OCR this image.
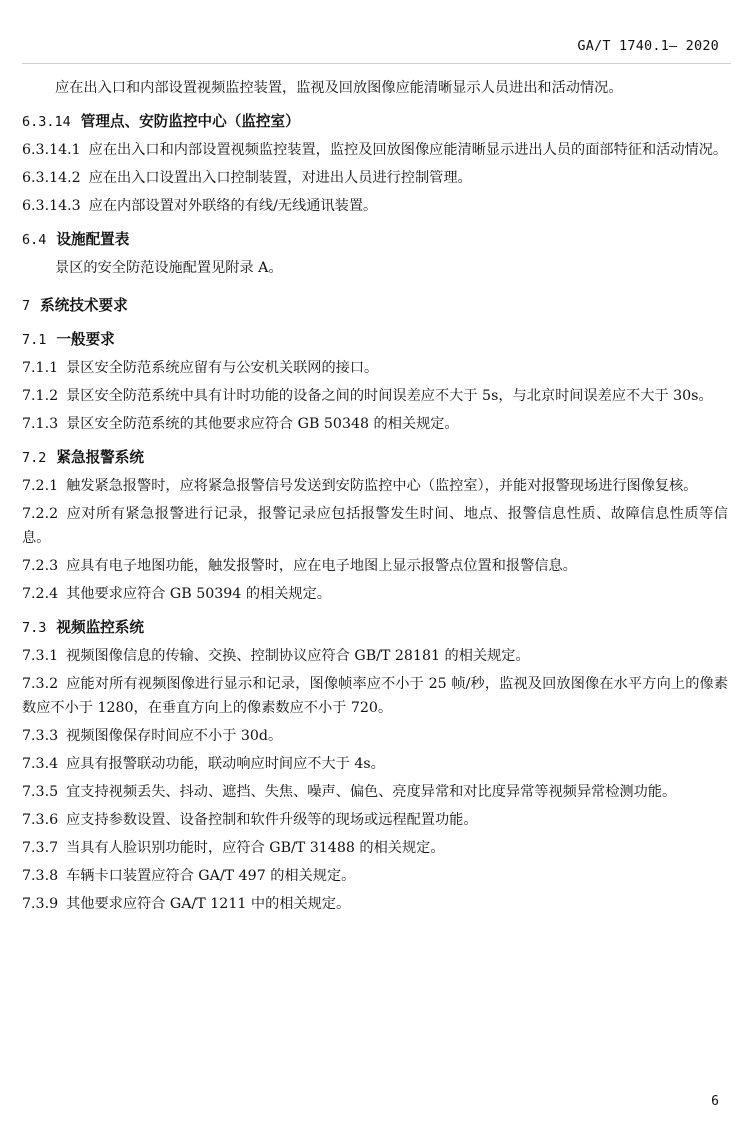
GA/T 1740.1— 2020
应在出入口和内部设置视频监控装置，监视及回放图像应能清晰显示人员进出和活动情况。
6.3.14 管理点、安防监控中心（监控室）
6.3.14.1 应在出入口和内部设置视频监控装置，监控及回放图像应能清晰显示进出人员的面部特征和活动情况。
6.3.14.2 应在出入口设置出入口控制装置，对进出人员进行控制管理。
6.3.14.3 应在内部设置对外联络的有线/无线通讯装置。
6.4 设施配置表
景区的安全防范设施配置见附录 A。
7 系统技术要求
7.1 一般要求
7.1.1 景区安全防范系统应留有与公安机关联网的接口。
7.1.2 景区安全防范系统中具有计时功能的设备之间的时间误差应不大于 5s，与北京时间误差应不大于 30s。
7.1.3 景区安全防范系统的其他要求应符合 GB 50348 的相关规定。
7.2 紧急报警系统
7.2.1 触发紧急报警时，应将紧急报警信号发送到安防监控中心（监控室），并能对报警现场进行图像复核。
7.2.2 应对所有紧急报警进行记录，报警记录应包括报警发生时间、地点、报警信息性质、故障信息性质等信息。
7.2.3 应具有电子地图功能，触发报警时，应在电子地图上显示报警点位置和报警信息。
7.2.4 其他要求应符合 GB 50394 的相关规定。
7.3 视频监控系统
7.3.1 视频图像信息的传输、交换、控制协议应符合 GB/T 28181 的相关规定。
7.3.2 应能对所有视频图像进行显示和记录，图像帧率应不小于 25 帧/秒，监视及回放图像在水平方向上的像素数应不小于 1280，在垂直方向上的像素数应不小于 720。
7.3.3 视频图像保存时间应不小于 30d。
7.3.4 应具有报警联动功能，联动响应时间应不大于 4s。
7.3.5 宜支持视频丢失、抖动、遮挡、失焦、噪声、偏色、亮度异常和对比度异常等视频异常检测功能。
7.3.6 应支持参数设置、设备控制和软件升级等的现场或远程配置功能。
7.3.7 当具有人脸识别功能时，应符合 GB/T 31488 的相关规定。
7.3.8 车辆卡口装置应符合 GA/T 497 的相关规定。
7.3.9 其他要求应符合 GA/T 1211 中的相关规定。
6
